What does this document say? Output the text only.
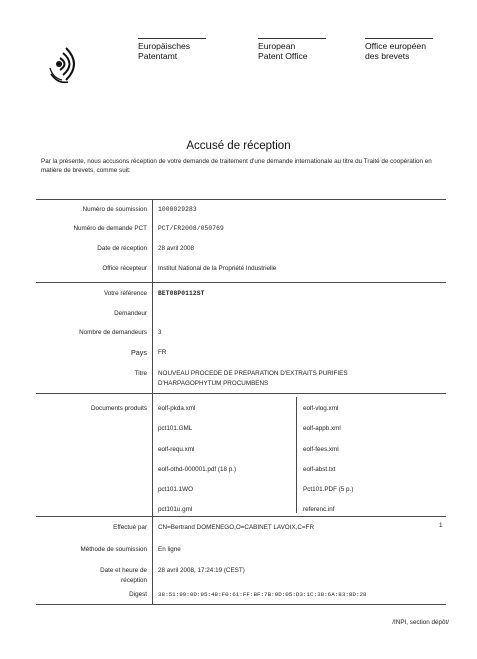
Europäisches
Patentamt
European
Patent Office
Office européen
des brevets
Accusé de réception
Par la présente, nous accusons réception de votre demande de traitement d'une demande internationale au titre du Traité de coopération en matière de brevets, comme suit:
Numéro de soumission 1000029283
Numéro de demande PCT PCT/FR2008/050769
Date de réception 28 avril 2008
Office récepteur Institut National de la Propriété Industrielle
Votre référence BET08P0112ST
Demandeur
Nombre de demandeurs 3
Pays FR
Titre NOUVEAU PROCEDE DE PREPARATION D'EXTRAITS PURIFIES
D'HARPAGOPHYTUM PROCUMBENS
Documents produits eolf-pkda.xml
pct101.GML
eolf-requ.xml
eolf-othd-000001.pdf (18 p.)
pct101.1WO
pct101u.gml
eolf-vlog.xml
eolf-appb.xml
eolf-fees.xml
eolf-abst.txt
Pct101.PDF (5 p.)
referenc.inf
Effectué par CN=Bertrand DOMENEGO,O=CABINET LAVOIX,C=FR	1
Méthode de soumission En ligne
Date et heure de
réception
28 avril 2008, 17:24:19 (CEST)
Digest 38:51:99:0D:95:48:F0:61:FF:BF:7B:9D:05:D3:1C:38:6A:83:8D:28
/INPI, section dépôt/
